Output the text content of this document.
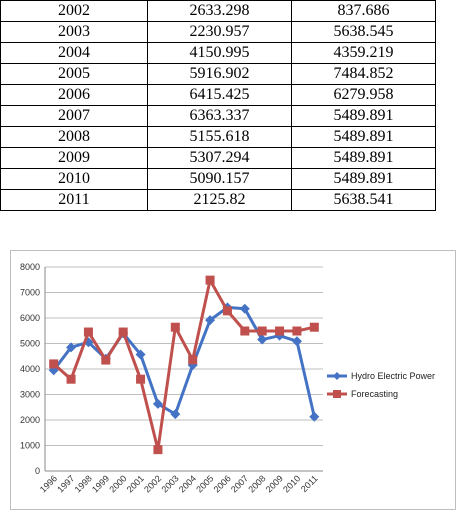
2002	2633.298	837.686
2003	2230.957	5638.545
2004	4150.995	4359.219
2005	5916.902	7484.852
2006	6415.425	6279.958
2007	6363.337	5489.891
2008	5155.618	5489.891
2009	5307.294	5489.891
2010	5090.157	5489.891
2011	2125.82	5638.541
0
1000
2000
3000
4000
5000
6000
7000
8000
1996
1997
1998
1999
2000
2001
2002
2003
2004
2005
2006
2007
2008
2009
2010
2011
Hydro Electric Power
Forecasting
